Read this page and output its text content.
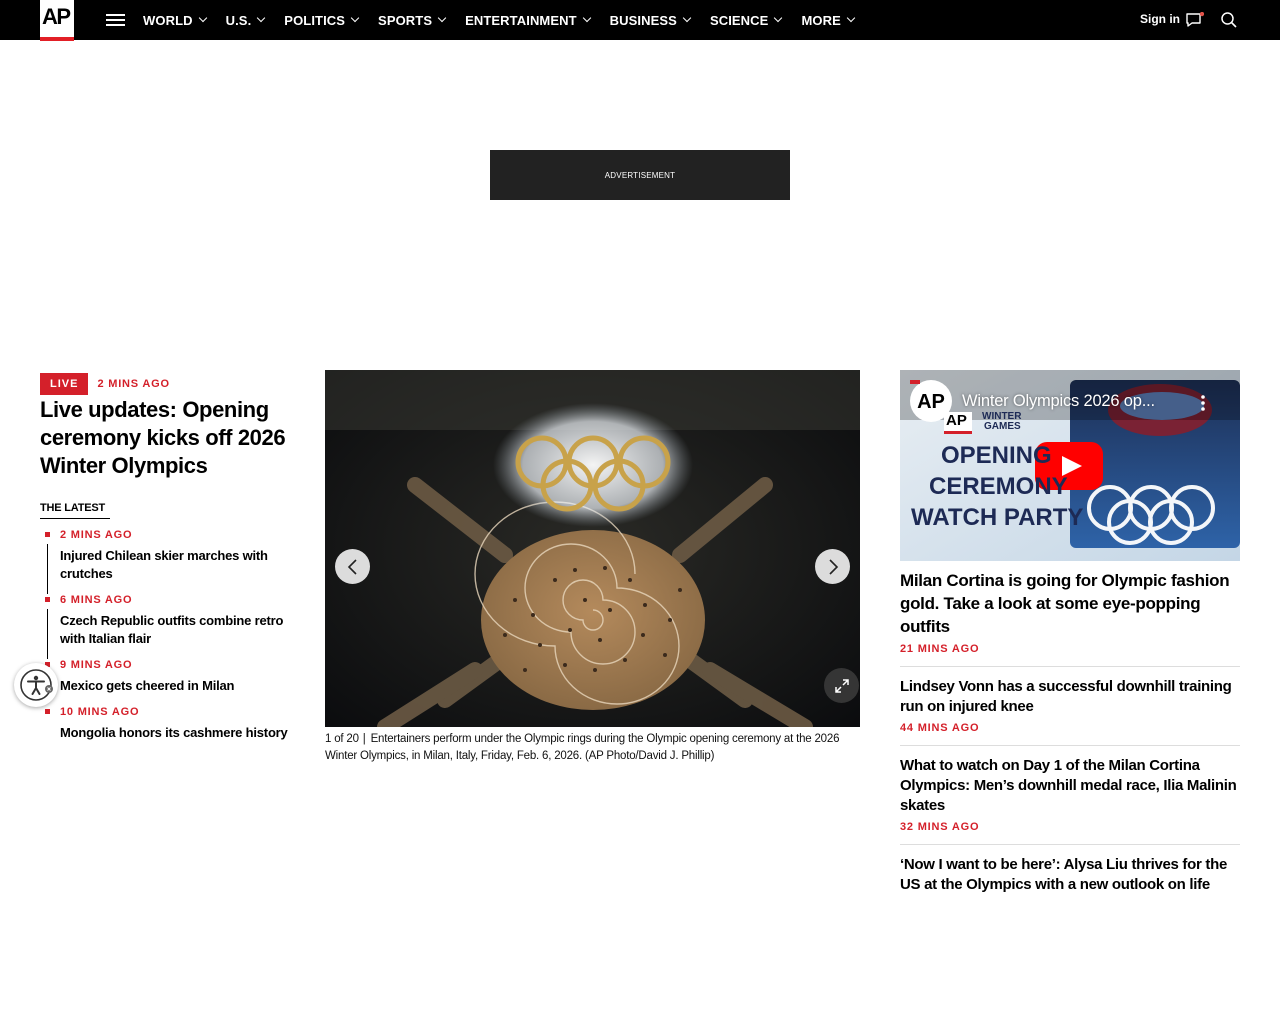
AP	WORLD	U.S.	POLITICS	SPORTS	ENTERTAINMENT	BUSINESS	SCIENCE	MORE	Sign in
ADVERTISEMENT
LIVE	2 MINS AGO
Live updates: Opening ceremony kicks off 2026 Winter Olympics
THE LATEST
2 MINS AGO
Injured Chilean skier marches with crutches
6 MINS AGO
Czech Republic outfits combine retro with Italian flair
9 MINS AGO
Mexico gets cheered in Milan
10 MINS AGO
Mongolia honors its cashmere history	1 of 20 | Entertainers perform under the Olympic rings during the Olympic opening ceremony at the 2026 Winter Olympics, in Milan, Italy, Friday, Feb. 6, 2026. (AP Photo/David J. Phillip)
AP
AP WINTER
GAMES
OPENING
CEREMONY
WATCH PARTY
Winter Olympics 2026 op...
Milan Cortina is going for Olympic fashion gold. Take a look at some eye-popping outfits
21 MINS AGO
Lindsey Vonn has a successful downhill training run on injured knee
44 MINS AGO
What to watch on Day 1 of the Milan Cortina Olympics: Men’s downhill medal race, Ilia Malinin skates
32 MINS AGO
‘Now I want to be here’: Alysa Liu thrives for the US at the Olympics with a new outlook on life
